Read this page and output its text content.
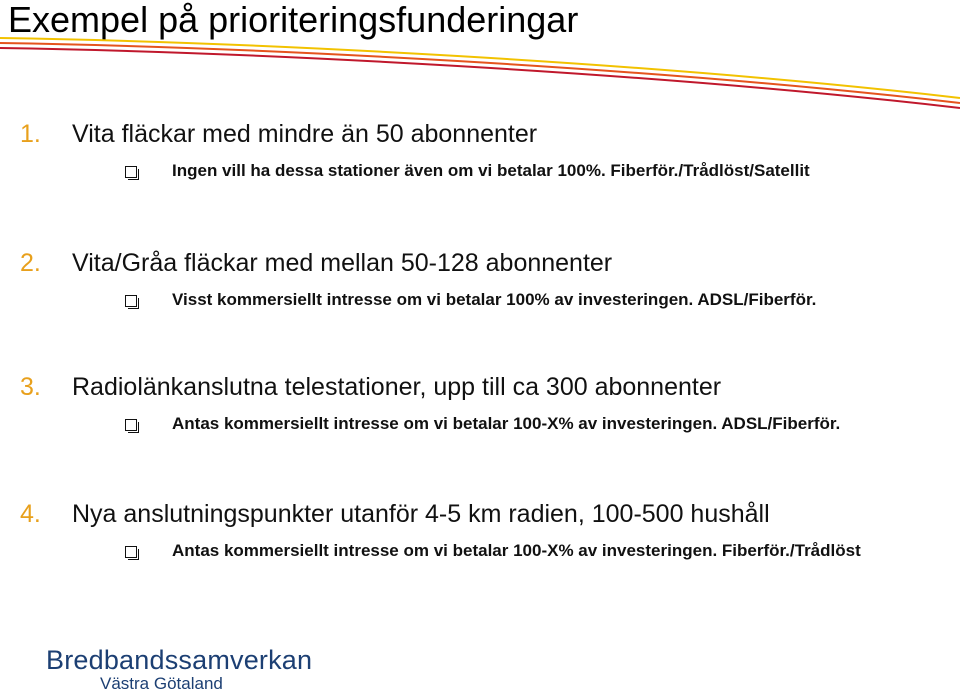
Exempel på prioriteringsfunderingar
1. Vita fläckar med mindre än 50 abonnenter
Ingen vill ha dessa stationer även om vi betalar 100%. Fiberför./Trådlöst/Satellit
2. Vita/Gråa fläckar med mellan 50-128 abonnenter
Visst kommersiellt intresse om vi betalar 100% av investeringen. ADSL/Fiberför.
3. Radiolänkanslutna telestationer, upp till ca 300 abonnenter
Antas kommersiellt intresse om vi betalar 100-X% av investeringen. ADSL/Fiberför.
4. Nya anslutningspunkter utanför 4-5 km radien, 100-500 hushåll
Antas kommersiellt intresse om vi betalar 100-X% av investeringen. Fiberför./Trådlöst
Bredbandssamverkan
Västra Götaland
